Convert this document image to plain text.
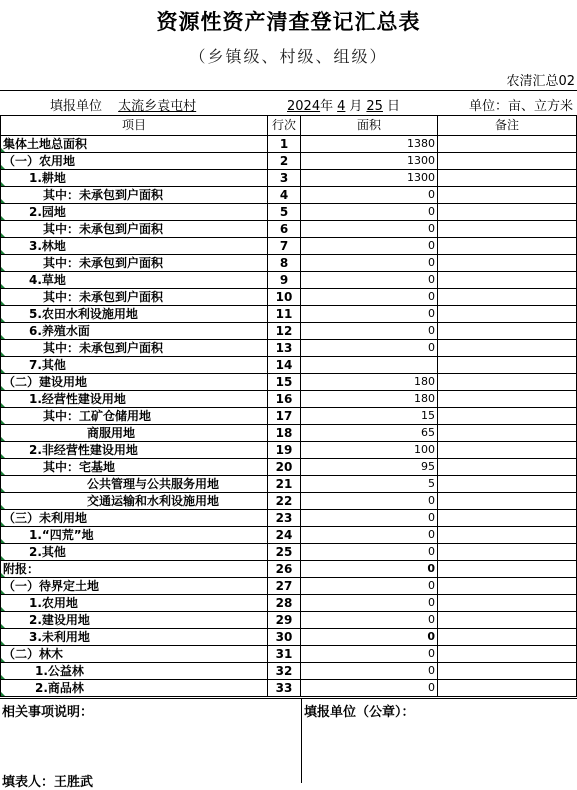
资源性资产清查登记汇总表
（乡镇级、村级、组级）
农清汇总02
填报单位 太流乡袁屯村	2024年 4 月 25 日	单位：亩、立方米
项目	行次	面积	备注
集体土地总面积	1	1380	
（一）农用地	2	1300	
1.耕地	3	1300	
其中：未承包到户面积	4	0	
2.园地	5	0	
其中：未承包到户面积	6	0	
3.林地	7	0	
其中：未承包到户面积	8	0	
4.草地	9	0	
其中：未承包到户面积	10	0	
5.农田水利设施用地	11	0	
6.养殖水面	12	0	
其中：未承包到户面积	13	0	
7.其他	14		
（二）建设用地	15	180	
1.经营性建设用地	16	180	
其中：工矿仓储用地	17	15	
商服用地	18	65	
2.非经营性建设用地	19	100	
其中：宅基地	20	95	
公共管理与公共服务用地	21	5	
交通运输和水利设施用地	22	0	
（三）未利用地	23	0	
1.“四荒”地	24	0	
2.其他	25	0	
附报：	26	0	
（一）待界定土地	27	0	
1.农用地	28	0	
2.建设用地	29	0	
3.未利用地	30	0	
（二）林木	31	0	
1.公益林	32	0	
2.商品林	33	0	
相关事项说明：	填报单位（公章）：
填表人：王胜武
